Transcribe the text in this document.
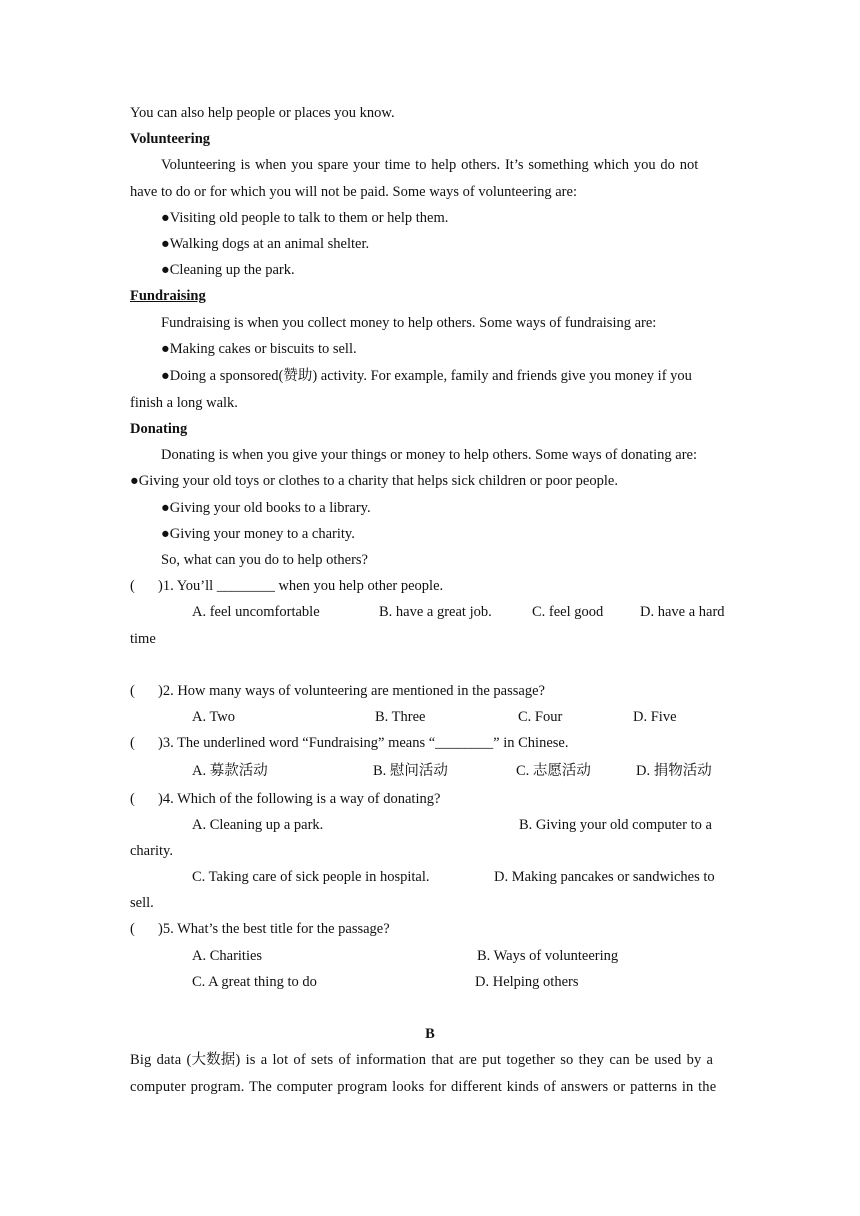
You can also help people or places you know.
Volunteering
Volunteering is when you spare your time to help others. It’s something which you do not
have to do or for which you will not be paid. Some ways of volunteering are:
●Visiting old people to talk to them or help them.
●Walking dogs at an animal shelter.
●Cleaning up the park.
Fundraising
Fundraising is when you collect money to help others. Some ways of fundraising are:
●Making cakes or biscuits to sell.
●Doing a sponsored(赞助) activity. For example, family and friends give you money if you
finish a long walk.
Donating
Donating is when you give your things or money to help others. Some ways of donating are:
●Giving your old toys or clothes to a charity that helps sick children or poor people.
●Giving your old books to a library.
●Giving your money to a charity.
So, what can you do to help others?
( )1. You’ll ________ when you help other people.
A. feel uncomfortable	B. have a great job.	C. feel good	D. have a hard
time
( )2. How many ways of volunteering are mentioned in the passage?
A. Two	B. Three	C. Four	D. Five
( )3. The underlined word “Fundraising” means “________” in Chinese.
A. 募款活动	B. 慰问活动	C. 志愿活动	D. 捐物活动
( )4. Which of the following is a way of donating?
A. Cleaning up a park.	B. Giving your old computer to a
charity.
C. Taking care of sick people in hospital.	D. Making pancakes or sandwiches to
sell.
( )5. What’s the best title for the passage?
A. Charities	B. Ways of volunteering
C. A great thing to do	D. Helping others
B
Big data (大数据) is a lot of sets of information that are put together so they can be used by a
computer program. The computer program looks for different kinds of answers or patterns in the
